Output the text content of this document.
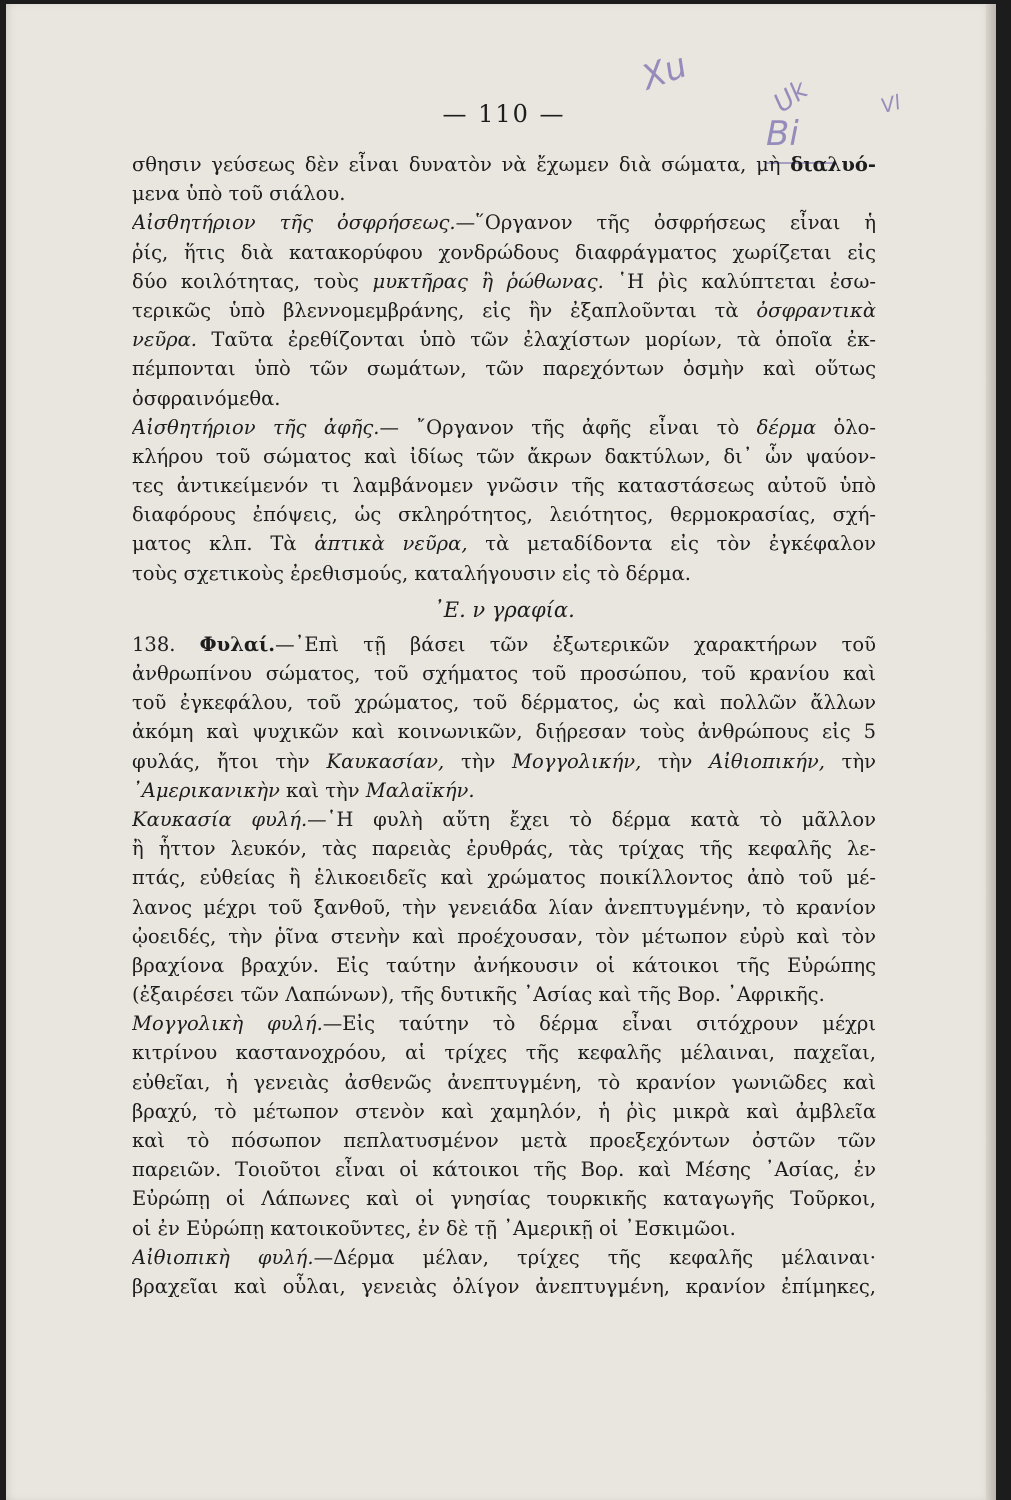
Xu	Uk
Bi
Vl
— 110 —
σθησιν γεύσεως δὲν εἶναι δυνατὸν νὰ ἔχωμεν διὰ σώματα, μὴ διαλυό-
μενα ὑπὸ τοῦ σιάλου.
Αἰσθητήριον τῆς ὀσφρήσεως.—῞Οργανον τῆς ὀσφρήσεως εἶναι ἡ
ῥίς, ἥτις διὰ κατακορύφου χονδρώδους διαφράγματος χωρίζεται εἰς
δύο κοιλότητας, τοὺς μυκτῆρας ἢ ῥώθωνας. ῾Η ῥὶς καλύπτεται ἐσω-
τερικῶς ὑπὸ βλεννομεμβράνης, εἰς ἣν ἐξαπλοῦνται τὰ ὀσφραντικὰ
νεῦρα. Ταῦτα ἐρεθίζονται ὑπὸ τῶν ἐλαχίστων μορίων, τὰ ὁποῖα ἐκ-
πέμπονται ὑπὸ τῶν σωμάτων, τῶν παρεχόντων ὀσμὴν καὶ οὕτως
ὀσφραινόμεθα.
Αἰσθητήριον τῆς ἀφῆς.— ῎Οργανον τῆς ἀφῆς εἶναι τὸ δέρμα ὁλο-
κλήρου τοῦ σώματος καὶ ἰδίως τῶν ἄκρων δακτύλων, δι᾿ ὧν ψαύον-
τες ἀντικείμενόν τι λαμβάνομεν γνῶσιν τῆς καταστάσεως αὐτοῦ ὑπὸ
διαφόρους ἐπόψεις, ὡς σκληρότητος, λειότητος, θερμοκρασίας, σχή-
ματος κλπ. Τὰ ἁπτικὰ νεῦρα, τὰ μεταδίδοντα εἰς τὸν ἐγκέφαλον
τοὺς σχετικοὺς ἐρεθισμούς, καταλήγουσιν εἰς τὸ δέρμα.
᾿Ε. ν γραφία.
138. Φυλαί.—᾿Επὶ τῇ βάσει τῶν ἐξωτερικῶν χαρακτήρων τοῦ
ἀνθρωπίνου σώματος, τοῦ σχήματος τοῦ προσώπου, τοῦ κρανίου καὶ
τοῦ ἐγκεφάλου, τοῦ χρώματος, τοῦ δέρματος, ὡς καὶ πολλῶν ἄλλων
ἀκόμη καὶ ψυχικῶν καὶ κοινωνικῶν, διῄρεσαν τοὺς ἀνθρώπους εἰς 5
φυλάς, ἤτοι τὴν Καυκασίαν, τὴν Μογγολικήν, τὴν Αἰθιοπικήν, τὴν
᾿Αμερικανικὴν καὶ τὴν Μαλαϊκήν.
Καυκασία φυλή.—῾Η φυλὴ αὕτη ἔχει τὸ δέρμα κατὰ τὸ μᾶλλον
ἢ ἧττον λευκόν, τὰς παρειὰς ἐρυθράς, τὰς τρίχας τῆς κεφαλῆς λε-
πτάς, εὐθείας ἢ ἑλικοειδεῖς καὶ χρώματος ποικίλλοντος ἀπὸ τοῦ μέ-
λανος μέχρι τοῦ ξανθοῦ, τὴν γενειάδα λίαν ἀνεπτυγμένην, τὸ κρανίον
ᾠοειδές, τὴν ῥῖνα στενὴν καὶ προέχουσαν, τὸν μέτωπον εὐρὺ καὶ τὸν
βραχίονα βραχύν. Εἰς ταύτην ἀνήκουσιν οἱ κάτοικοι τῆς Εὐρώπης
(ἐξαιρέσει τῶν Λαπώνων), τῆς δυτικῆς ᾿Ασίας καὶ τῆς Βορ. ᾿Αφρικῆς.
Μογγολικὴ φυλή.—Εἰς ταύτην τὸ δέρμα εἶναι σιτόχρουν μέχρι
κιτρίνου καστανοχρόου, αἱ τρίχες τῆς κεφαλῆς μέλαιναι, παχεῖαι,
εὐθεῖαι, ἡ γενειὰς ἀσθενῶς ἀνεπτυγμένη, τὸ κρανίον γωνιῶδες καὶ
βραχύ, τὸ μέτωπον στενὸν καὶ χαμηλόν, ἡ ῥὶς μικρὰ καὶ ἀμβλεῖα
καὶ τὸ πόσωπον πεπλατυσμένον μετὰ προεξεχόντων ὀστῶν τῶν
παρειῶν. Τοιοῦτοι εἶναι οἱ κάτοικοι τῆς Βορ. καὶ Μέσης ᾿Ασίας, ἐν
Εὐρώπῃ οἱ Λάπωνες καὶ οἱ γνησίας τουρκικῆς καταγωγῆς Τοῦρκοι,
οἱ ἐν Εὐρώπῃ κατοικοῦντες, ἐν δὲ τῇ ᾿Αμερικῇ οἱ ᾿Εσκιμῶοι.
Αἰθιοπικὴ φυλή.—Δέρμα μέλαν, τρίχες τῆς κεφαλῆς μέλαιναι·
βραχεῖαι καὶ οὖλαι, γενειὰς ὀλίγον ἀνεπτυγμένη, κρανίον ἐπίμηκες,
